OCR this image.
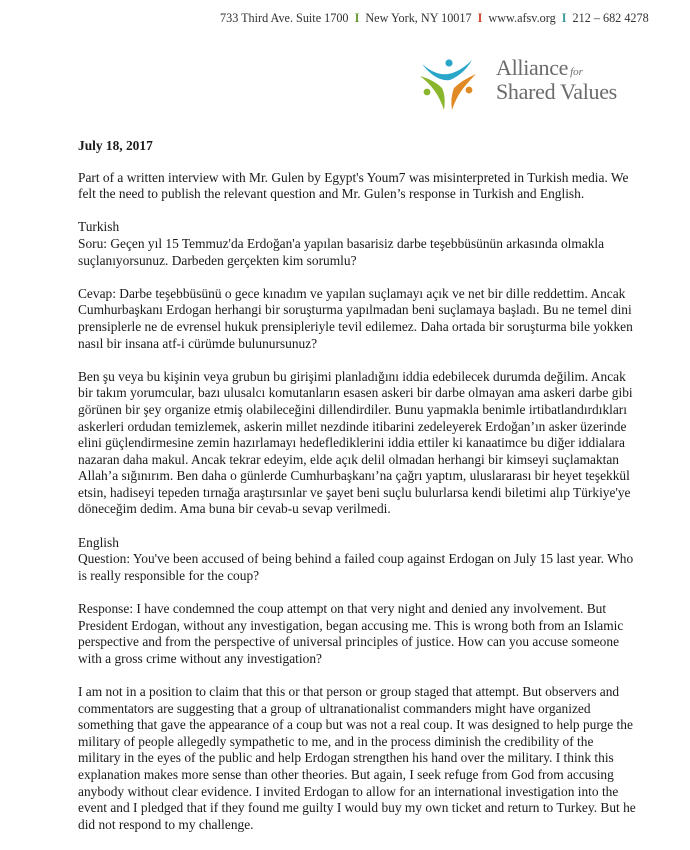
733 Third Ave. Suite 1700 I New York, NY 10017 I www.afsv.org I 212 – 682 4278
Alliance for
Shared Values
July 18, 2017

Part of a written interview with Mr. Gulen by Egypt's Youm7 was misinterpreted in Turkish media. We felt the need to publish the relevant question and Mr. Gulen’s response in Turkish and English.

Turkish
Soru: Geçen yıl 15 Temmuz'da Erdoğan'a yapılan basarisiz darbe teşebbüsünün arkasında olmakla suçlanıyorsunuz. Darbeden gerçekten kim sorumlu?

Cevap: Darbe teşebbüsünü o gece kınadım ve yapılan suçlamayı açık ve net bir dille reddettim. Ancak Cumhurbaşkanı Erdogan herhangi bir soruşturma yapılmadan beni suçlamaya başladı. Bu ne temel dini prensiplerle ne de evrensel hukuk prensipleriyle tevil edilemez. Daha ortada bir soruşturma bile yokken nasıl bir insana atf-i cürümde bulunursunuz?

Ben şu veya bu kişinin veya grubun bu girişimi planladığını iddia edebilecek durumda değilim. Ancak bir takım yorumcular, bazı ulusalcı komutanların esasen askeri bir darbe olmayan ama askeri darbe gibi görünen bir şey organize etmiş olabileceğini dillendirdiler. Bunu yapmakla benimle irtibatlandırdıkları askerleri ordudan temizlemek, askerin millet nezdinde itibarini zedeleyerek Erdoğan’ın asker üzerinde elini güçlendirmesine zemin hazırlamayı hedeflediklerini iddia ettiler ki kanaatimce bu diğer iddialara nazaran daha makul. Ancak tekrar edeyim, elde açık delil olmadan herhangi bir kimseyi suçlamaktan Allah’a sığınırım. Ben daha o günlerde Cumhurbaşkanı’na çağrı yaptım, uluslararası bir heyet teşekkül etsin, hadiseyi tepeden tırnağa araştırsınlar ve şayet beni suçlu bulurlarsa kendi biletimi alıp Türkiye'ye döneceğim dedim. Ama buna bir cevab-u sevap verilmedi.

English
Question: You've been accused of being behind a failed coup against Erdogan on July 15 last year. Who is really responsible for the coup?

Response: I have condemned the coup attempt on that very night and denied any involvement. But President Erdogan, without any investigation, began accusing me. This is wrong both from an Islamic perspective and from the perspective of universal principles of justice. How can you accuse someone with a gross crime without any investigation?

I am not in a position to claim that this or that person or group staged that attempt. But observers and commentators are suggesting that a group of ultranationalist commanders might have organized something that gave the appearance of a coup but was not a real coup. It was designed to help purge the military of people allegedly sympathetic to me, and in the process diminish the credibility of the military in the eyes of the public and help Erdogan strengthen his hand over the military. I think this explanation makes more sense than other theories. But again, I seek refuge from God from accusing anybody without clear evidence. I invited Erdogan to allow for an international investigation into the event and I pledged that if they found me guilty I would buy my own ticket and return to Turkey. But he did not respond to my challenge.
